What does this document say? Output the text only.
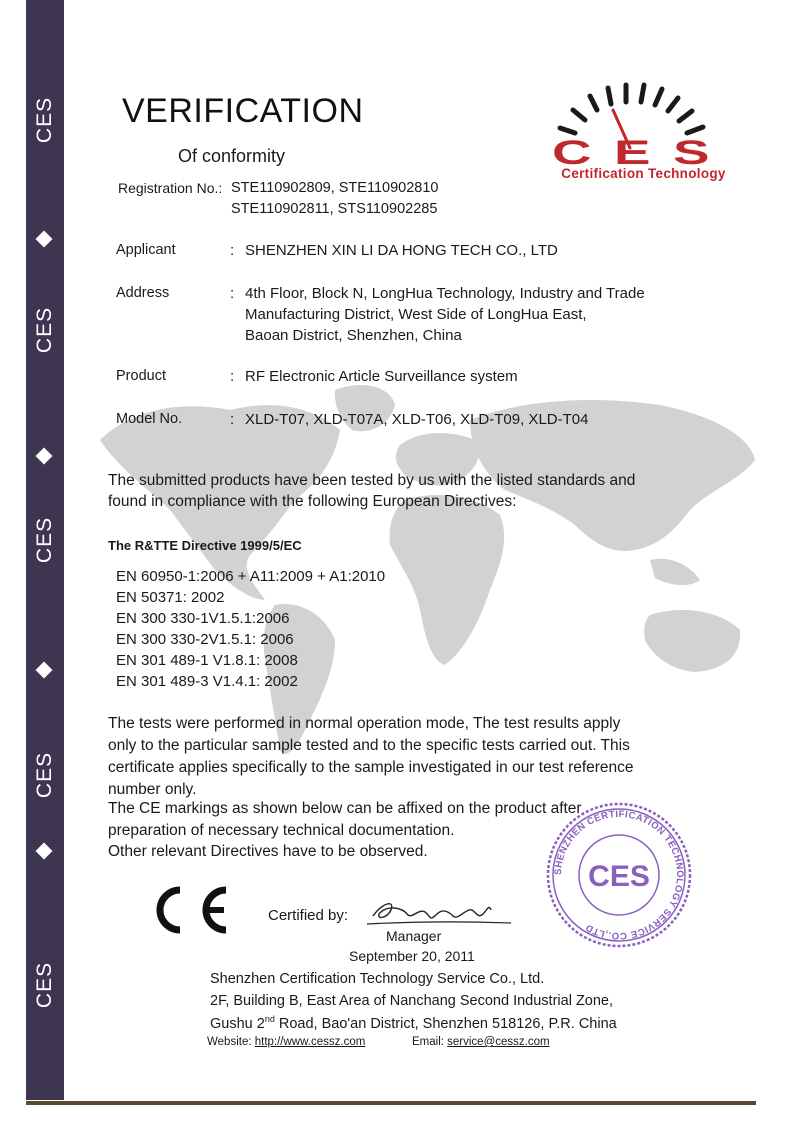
CES
CES
CES
CES
CES
CES
Certification Technology
VERIFICATION
Of conformity
Registration No.: STE110902809, STE110902810
STE110902811, STS110902285
Applicant	: SHENZHEN XIN LI DA HONG TECH CO., LTD
Address	: 4th Floor, Block N, LongHua Technology, Industry and Trade
Manufacturing District, West Side of LongHua East,
Baoan District, Shenzhen, China
Product	: RF Electronic Article Surveillance system
Model No.	: XLD-T07, XLD-T07A, XLD-T06, XLD-T09, XLD-T04
The submitted products have been tested by us with the listed standards and
found in compliance with the following European Directives:
The R&TTE Directive 1999/5/EC
EN 60950-1:2006 + A11:2009 + A1:2010
EN 50371: 2002
EN 300 330-1V1.5.1:2006
EN 300 330-2V1.5.1: 2006
EN 301 489-1 V1.8.1: 2008
EN 301 489-3 V1.4.1: 2002
The tests were performed in normal operation mode, The test results apply
only to the particular sample tested and to the specific tests carried out. This
certificate applies specifically to the sample investigated in our test reference
number only.
The CE markings as shown below can be affixed on the product after
preparation of necessary technical documentation.
Other relevant Directives have to be observed.
Certified by:
Manager
September 20, 2011
Shenzhen Certification Technology Service Co., Ltd.
2F, Building B, East Area of Nanchang Second Industrial Zone,
Gushu 2nd Road, Bao'an District, Shenzhen 518126, P.R. China
Website: http://www.cessz.com	Email: service@cessz.com
SHENZHEN CERTIFICATION TECHNOLOGY SERVICE CO.,LTD
CES
